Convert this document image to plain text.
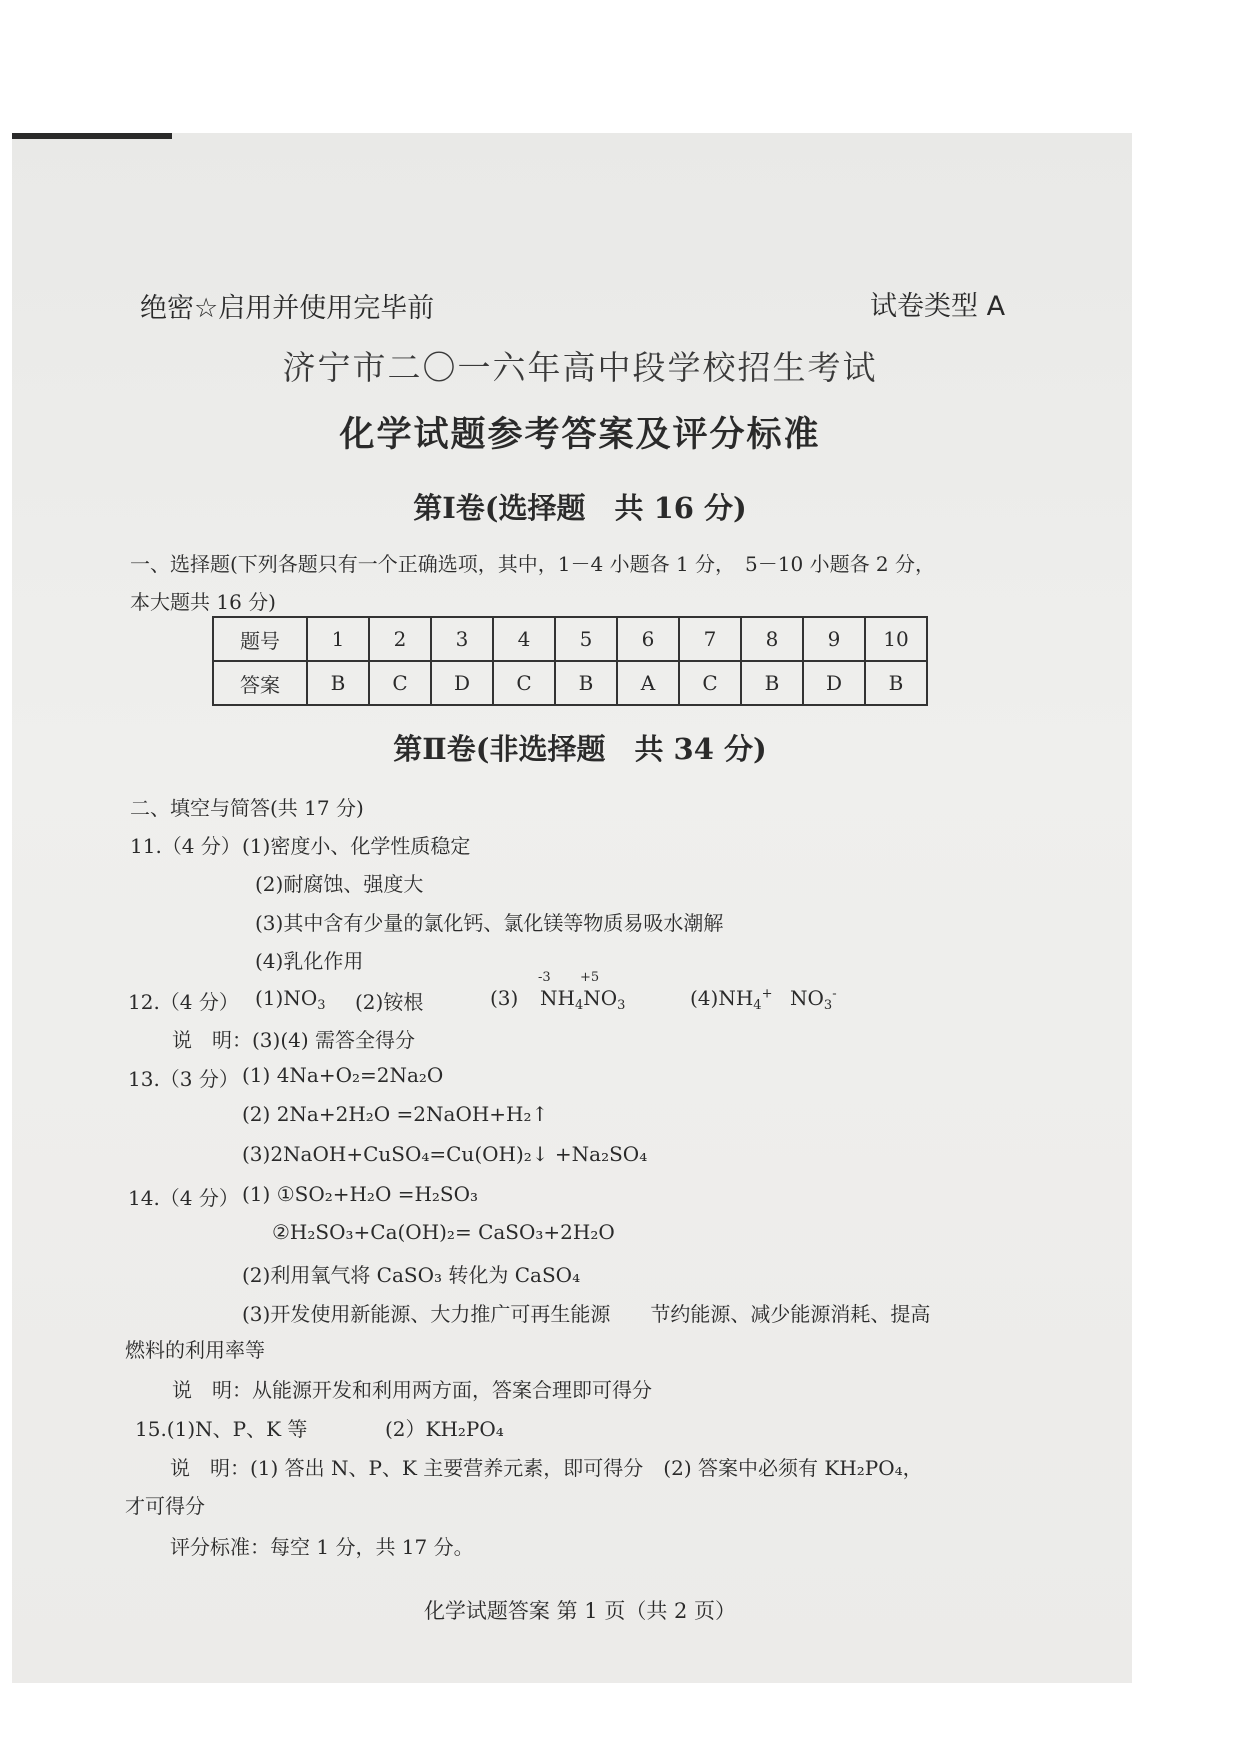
绝密☆启用并使用完毕前	试卷类型 A
济宁市二〇一六年高中段学校招生考试
化学试题参考答案及评分标准
第Ⅰ卷(选择题　共 16 分)
一、选择题(下列各题只有一个正确选项，其中，1－4 小题各 1 分，　5－10 小题各 2 分，
本大题共 16 分)
题号	1	2	3	4	5	6	7	8	9	10
答案	B	C	D	C	B	A	C	B	D	B
第Ⅱ卷(非选择题　共 34 分)
二、填空与简答(共 17 分)
11.（4 分） (1)密度小、化学性质稳定
(2)耐腐蚀、强度大
(3)其中含有少量的氯化钙、氯化镁等物质易吸水潮解
(4)乳化作用
12.（4 分） $(1)NO_3$ (2)铵根	(3)
-3 +5
$NH_4NO_3$	$(4)NH_4^+$ $NO_3^-$
说　明：(3)(4) 需答全得分
13.（3 分） (1) 4Na+O₂=2Na₂O
(2) 2Na+2H₂O =2NaOH+H₂↑
(3)2NaOH+CuSO₄=Cu(OH)₂↓ +Na₂SO₄
14.（4 分） (1) ①SO₂+H₂O =H₂SO₃
②H₂SO₃+Ca(OH)₂= CaSO₃+2H₂O
(2)利用氧气将 CaSO₃ 转化为 CaSO₄
(3)开发使用新能源、大力推广可再生能源　　节约能源、减少能源消耗、提高
燃料的利用率等
说　明：从能源开发和利用两方面，答案合理即可得分
15.(1)N、P、K 等	(2）KH₂PO₄
说　明：(1) 答出 N、P、K 主要营养元素，即可得分　(2) 答案中必须有 KH₂PO₄，
才可得分
评分标准：每空 1 分，共 17 分。
化学试题答案 第 1 页（共 2 页）
